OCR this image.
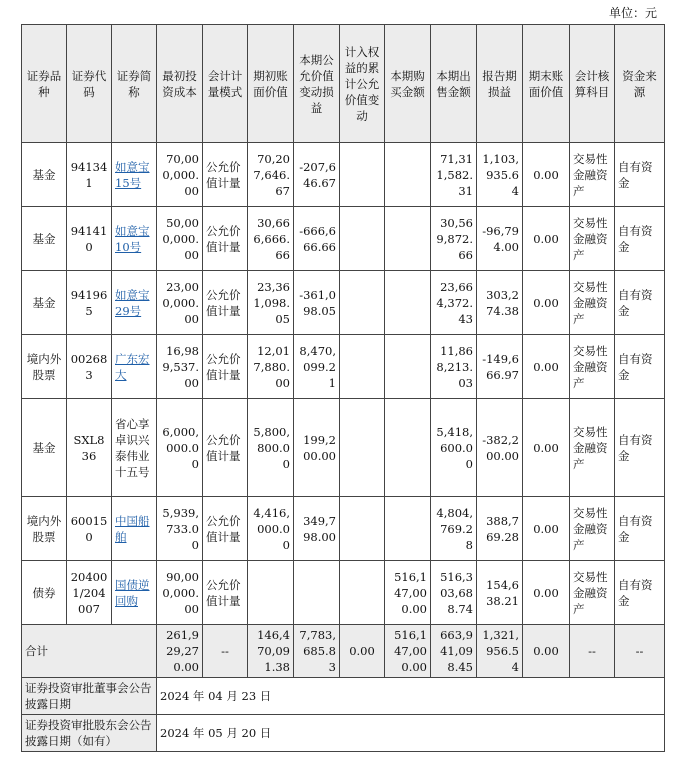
单位：元
证券品种	证券代码	证券简称	最初投资成本	会计计量模式	期初账面价值	本期公允价值变动损益	计入权益的累计公允价值变动	本期购买金额	本期出售金额	报告期损益	期末账面价值	会计核算科目	资金来源
基金	941341	如意宝15号	70,000,000.00	公允价值计量	70,207,646.67	-207,646.67			71,311,582.31	1,103,935.64	0.00	交易性金融资产	自有资金
基金	941410	如意宝10号	50,000,000.00	公允价值计量	30,666,666.66	-666,666.66			30,569,872.66	-96,794.00	0.00	交易性金融资产	自有资金
基金	941965	如意宝29号	23,000,000.00	公允价值计量	23,361,098.05	-361,098.05			23,664,372.43	303,274.38	0.00	交易性金融资产	自有资金
境内外股票	002683	广东宏大	16,989,537.00	公允价值计量	12,017,880.00	8,470,099.21			11,868,213.03	-149,666.97	0.00	交易性金融资产	自有资金
基金	SXL836	省心享卓识兴泰伟业十五号	6,000,000.00	公允价值计量	5,800,800.00	199,200.00			5,418,600.00	-382,200.00	0.00	交易性金融资产	自有资金
境内外股票	600150	中国船舶	5,939,733.00	公允价值计量	4,416,000.00	349,798.00			4,804,769.28	388,769.28	0.00	交易性金融资产	自有资金
债券	204001/204007	国债逆回购	90,000,000.00	公允价值计量				516,147,000.00	516,303,688.74	154,638.21	0.00	交易性金融资产	自有资金
合计			261,929,270.00	--	146,470,091.38	7,783,685.83	0.00	516,147,000.00	663,941,098.45	1,321,956.54	0.00	--	--
证券投资审批董事会公告披露日期			2024 年 04 月 23 日										
证券投资审批股东会公告披露日期（如有）			2024 年 05 月 20 日										
